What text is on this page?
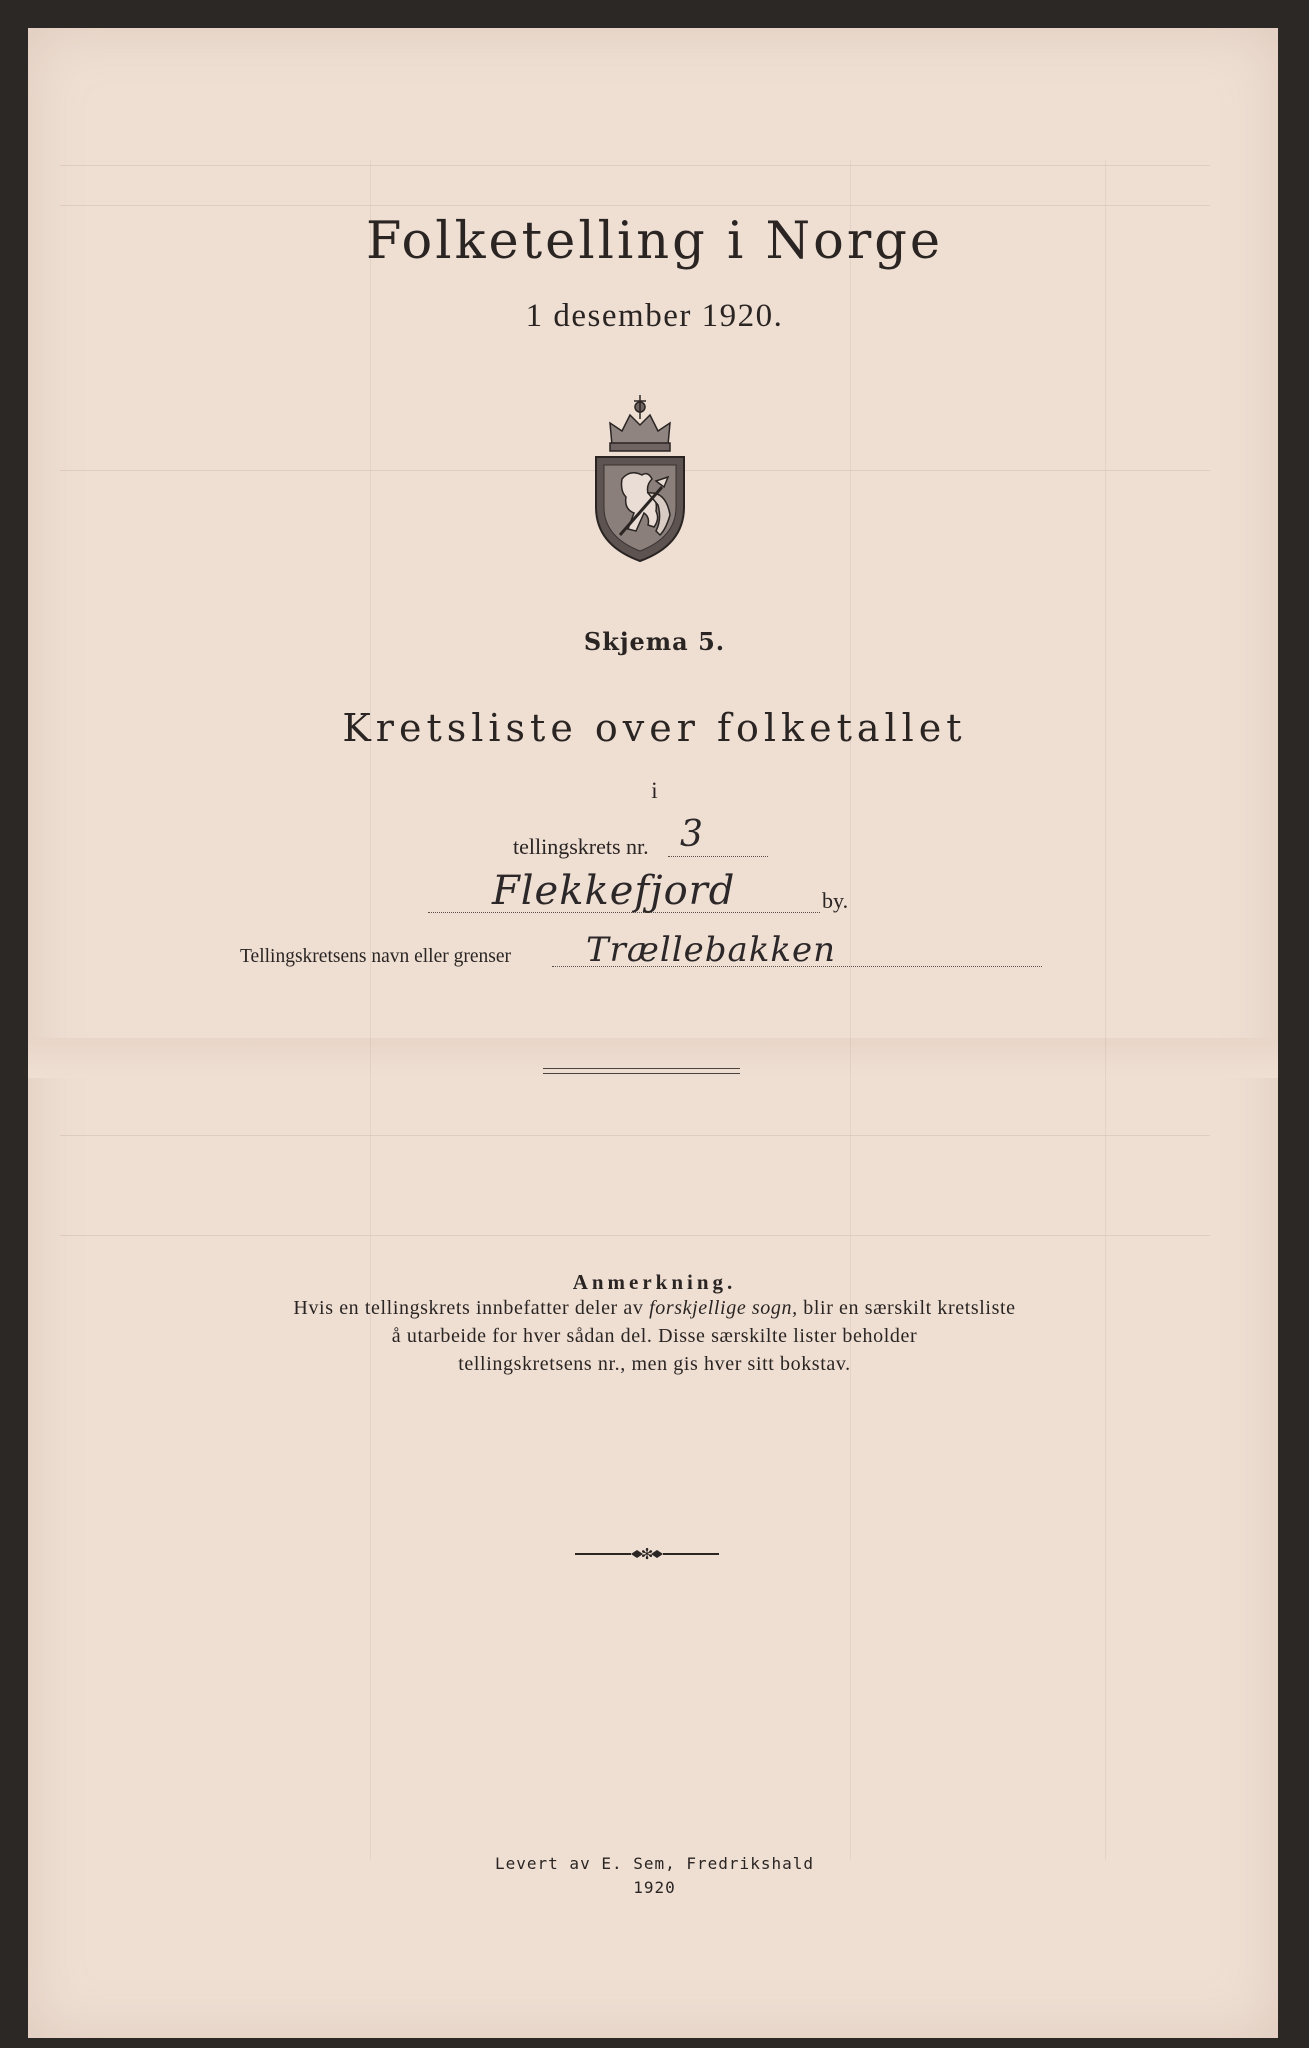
Folketelling i Norge
1 desember 1920.
Skjema 5.
Kretsliste over folketallet
i
tellingskrets nr. 3
Flekkefjord	by.
Tellingskretsens navn eller grenser Trællebakken
Anmerkning.
Hvis en tellingskrets innbefatter deler av forskjellige sogn, blir en særskilt kretsliste
å utarbeide for hver sådan del. Disse særskilte lister beholder
tellingskretsens nr., men gis hver sitt bokstav.
✻
Levert av E. Sem, Fredrikshald
1920
